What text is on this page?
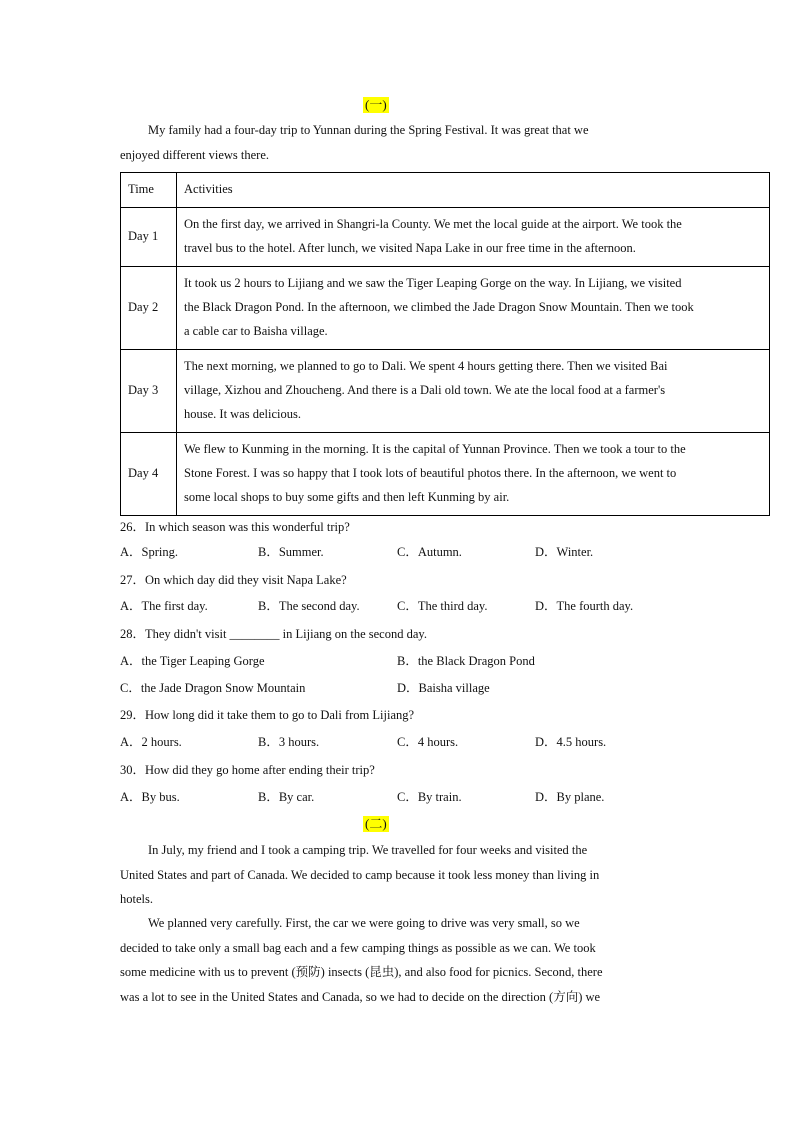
(一)

My family had a four-day trip to Yunnan during the Spring Festival. It was great that we
enjoyed different views there.

Time	Activities
Day 1	On the first day, we arrived in Shangri-la County. We met the local guide at the airport. We took the
travel bus to the hotel. After lunch, we visited Napa Lake in our free time in the afternoon.

Day 2	It took us 2 hours to Lijiang and we saw the Tiger Leaping Gorge on the way. In Lijiang, we visited
the Black Dragon Pond. In the afternoon, we climbed the Jade Dragon Snow Mountain. Then we took
a cable car to Baisha village.

Day 3	The next morning, we planned to go to Dali. We spent 4 hours getting there. Then we visited Bai
village, Xizhou and Zhoucheng. And there is a Dali old town. We ate the local food at a farmer's
house. It was delicious.

Day 4	We flew to Kunming in the morning. It is the capital of Yunnan Province. Then we took a tour to the
Stone Forest. I was so happy that I took lots of beautiful photos there. In the afternoon, we went to
some local shops to buy some gifts and then left Kunming by air.
26．In which season was this wonderful trip?
A．Spring.	B．Summer.	C．Autumn.	D．Winter.
27．On which day did they visit Napa Lake?
A．The first day.	B．The second day.	C．The third day.	D．The fourth day.
28．They didn't visit ________ in Lijiang on the second day.
A．the Tiger Leaping Gorge	B．the Black Dragon Pond
C．the Jade Dragon Snow Mountain	D．Baisha village
29．How long did it take them to go to Dali from Lijiang?
A．2 hours.	B．3 hours.	C．4 hours.	D．4.5 hours.
30．How did they go home after ending their trip?
A．By bus.	B．By car.	C．By train.	D．By plane.
(二)

In July, my friend and I took a camping trip. We travelled for four weeks and visited the
United States and part of Canada. We decided to camp because it took less money than living in
hotels.

We planned very carefully. First, the car we were going to drive was very small, so we
decided to take only a small bag each and a few camping things as possible as we can. We took
some medicine with us to prevent (预防) insects (昆虫), and also food for picnics. Second, there
was a lot to see in the United States and Canada, so we had to decide on the direction (方向) we
